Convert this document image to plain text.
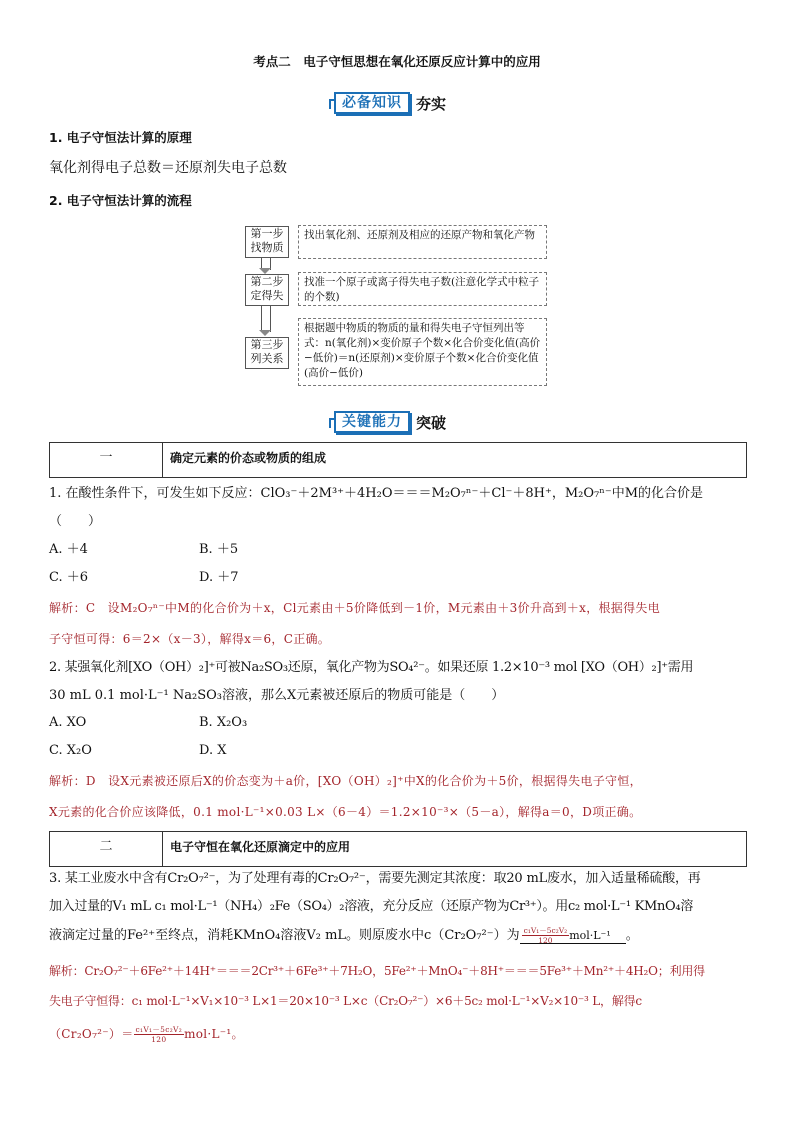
考点二　电子守恒思想在氧化还原反应计算中的应用
必备知识 夯实
1. 电子守恒法计算的原理
氧化剂得电子总数＝还原剂失电子总数
2. 电子守恒法计算的流程
第一步
找物质
找出氧化剂、还原剂及相应的还原产物和氧化产物
第二步
定得失
找准一个原子或离子得失电子数(注意化学式中粒子的个数)
第三步
列关系
根据题中物质的物质的量和得失电子守恒列出等式：n(氧化剂)×变价原子个数×化合价变化值(高价−低价)＝n(还原剂)×变价原子个数×化合价变化值(高价−低价)
关键能力 突破
一	确定元素的价态或物质的组成
1. 在酸性条件下，可发生如下反应：ClO₃⁻＋2M³⁺＋4H₂O＝＝＝M₂O₇ⁿ⁻＋Cl⁻＋8H⁺，M₂O₇ⁿ⁻中M的化合价是
（　　）
A. ＋4	B. ＋5
C. ＋6	D. ＋7
解析：C　设M₂O₇ⁿ⁻中M的化合价为＋x，Cl元素由＋5价降低到－1价，M元素由＋3价升高到＋x，根据得失电
子守恒可得：6＝2×（x－3），解得x＝6，C正确。
2. 某强氧化剂[XO（OH）₂]⁺可被Na₂SO₃还原，氧化产物为SO₄²⁻。如果还原 1.2×10⁻³ mol [XO（OH）₂]⁺需用
30 mL 0.1 mol·L⁻¹ Na₂SO₃溶液，那么X元素被还原后的物质可能是（　　）
A. XO	B. X₂O₃
C. X₂O	D. X
解析：D　设X元素被还原后X的价态变为＋a价，[XO（OH）₂]⁺中X的化合价为＋5价，根据得失电子守恒，
X元素的化合价应该降低，0.1 mol·L⁻¹×0.03 L×（6－4）＝1.2×10⁻³×（5－a），解得a＝0，D项正确。
二	电子守恒在氧化还原滴定中的应用
3. 某工业废水中含有Cr₂O₇²⁻，为了处理有毒的Cr₂O₇²⁻，需要先测定其浓度：取20 mL废水，加入适量稀硫酸，再
加入过量的V₁ mL c₁ mol·L⁻¹（NH₄）₂Fe（SO₄）₂溶液，充分反应（还原产物为Cr³⁺）。用c₂ mol·L⁻¹ KMnO₄溶
液滴定过量的Fe²⁺至终点，消耗KMnO₄溶液V₂ mL。则原废水中c（Cr₂O₇²⁻）为 $\frac{\text{c₁V₁－5c₂V₂}}{120} mol\cdot L^{-1}$　 。
解析：Cr₂O₇²⁻＋6Fe²⁺＋14H⁺＝＝＝2Cr³⁺＋6Fe³⁺＋7H₂O，5Fe²⁺＋MnO₄⁻＋8H⁺＝＝＝5Fe³⁺＋Mn²⁺＋4H₂O；利用得
失电子守恒得：c₁ mol·L⁻¹×V₁×10⁻³ L×1＝20×10⁻³ L×c（Cr₂O₇²⁻）×6＋5c₂ mol·L⁻¹×V₂×10⁻³ L，解得c
$(Cr_2O_7^{2-})= \frac{\text{c₁V₁－5c₂V₂}}{120} mol\cdot L^{-1}$。
